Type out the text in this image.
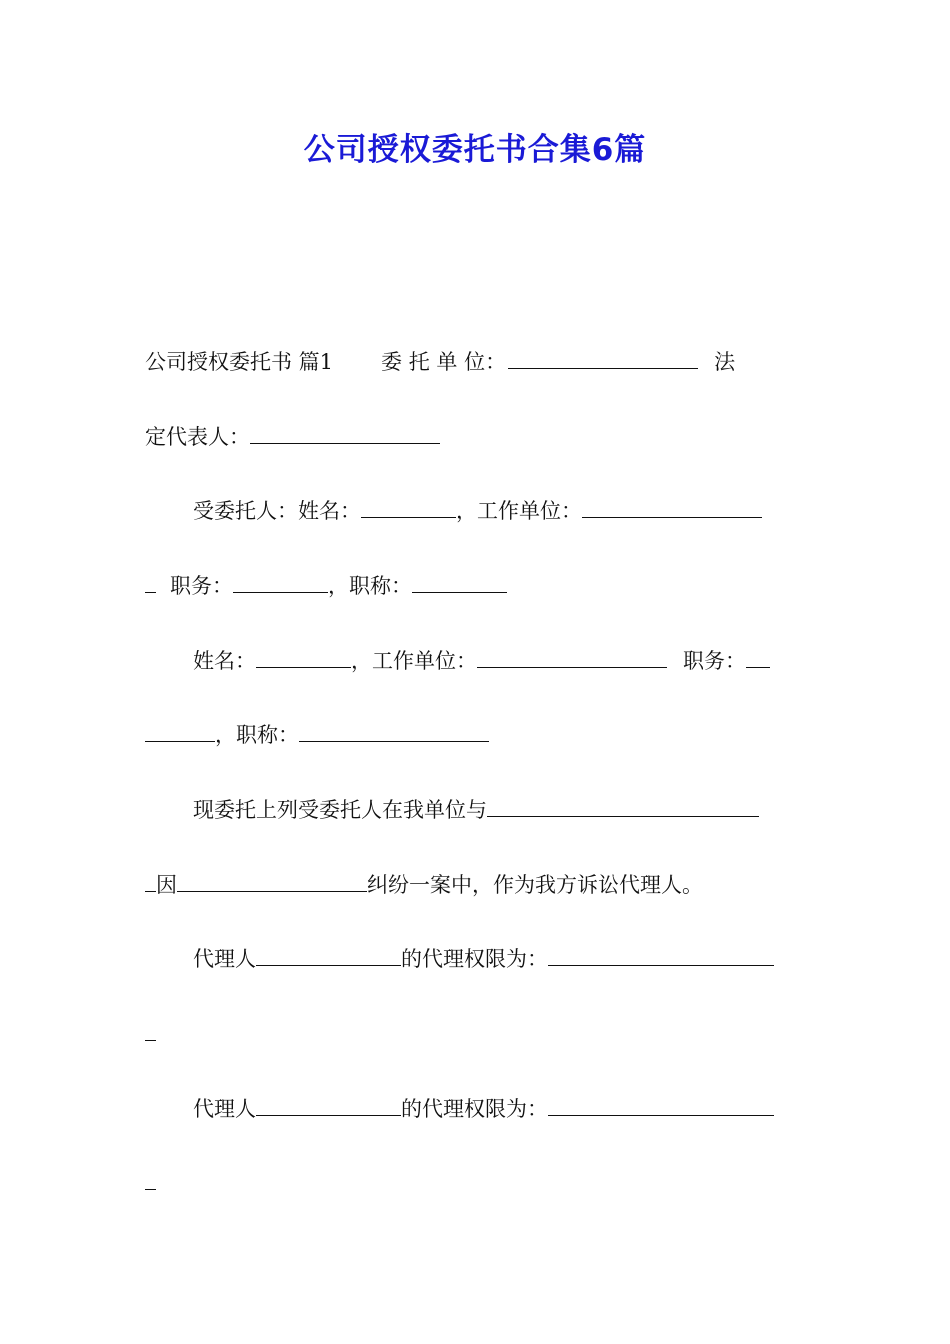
公司授权委托书合集6篇
公司授权委托书 篇1 委 托 单 位：	法
定代表人：
受委托人：姓名：	，工作单位：
职务：	，职称：
姓名：	，工作单位：	职务：
，职称：
现委托上列受委托人在我单位与
因	纠纷一案中，作为我方诉讼代理人。
代理人	的代理权限为：
代理人	的代理权限为：
